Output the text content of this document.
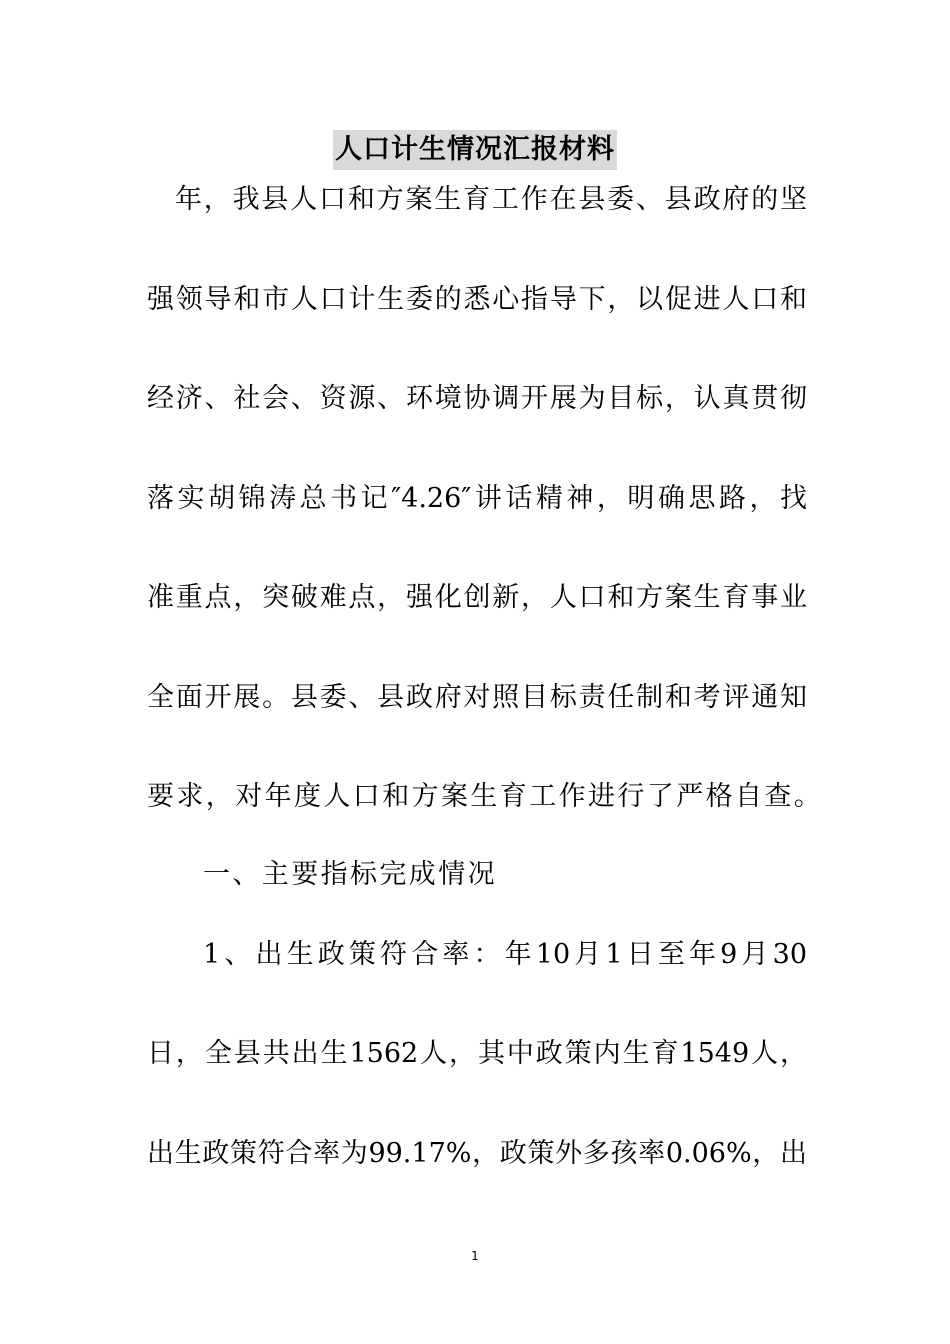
人口计生情况汇报材料
年，我县人口和方案生育工作在县委、县政府的坚
强领导和市人口计生委的悉心指导下，以促进人口和
经济、社会、资源、环境协调开展为目标，认真贯彻
落实胡锦涛总书记″4.26″讲话精神，明确思路，找
准重点，突破难点，强化创新，人口和方案生育事业
全面开展。县委、县政府对照目标责任制和考评通知
要求，对年度人口和方案生育工作进行了严格自查。
一、主要指标完成情况
1、出生政策符合率：年10月1日至年9月30
日，全县共出生1562人，其中政策内生育1549人，
出生政策符合率为99.17%，政策外多孩率0.06%，出
1
